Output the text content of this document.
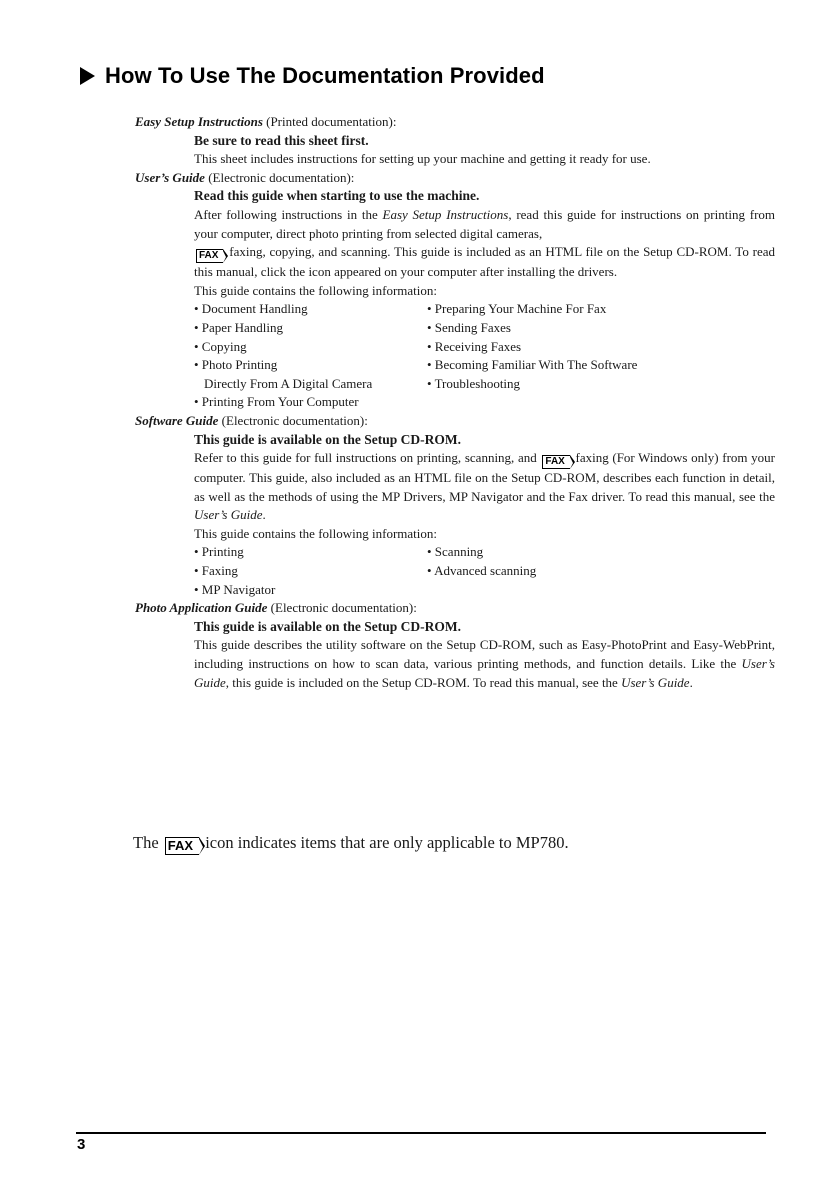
How To Use The Documentation Provided

Easy Setup Instructions (Printed documentation):

Be sure to read this sheet first.

This sheet includes instructions for setting up your machine and getting it ready for use.

User’s Guide (Electronic documentation):

Read this guide when starting to use the machine.

After following instructions in the Easy Setup Instructions, read this guide for instructions on printing from your computer, direct photo printing from selected digital cameras,
FAX faxing, copying, and scanning. This guide is included as an HTML file on the Setup CD-ROM. To read this manual, click the icon appeared on your computer after installing the drivers.

This guide contains the following information:

• Document Handling	• Preparing Your Machine For Fax
• Paper Handling	• Sending Faxes
• Copying	• Receiving Faxes
• Photo Printing	• Becoming Familiar With The Software
Directly From A Digital Camera	• Troubleshooting
• Printing From Your Computer

Software Guide (Electronic documentation):

This guide is available on the Setup CD-ROM.

Refer to this guide for full instructions on printing, scanning, and FAX faxing (For Windows only) from your computer. This guide, also included as an HTML file on the Setup CD-ROM, describes each function in detail, as well as the methods of using the MP Drivers, MP Navigator and the Fax driver. To read this manual, see the User’s Guide.

This guide contains the following information:

• Printing	• Scanning
• Faxing	• Advanced scanning
• MP Navigator

Photo Application Guide (Electronic documentation):

This guide is available on the Setup CD-ROM.

This guide describes the utility software on the Setup CD-ROM, such as Easy-PhotoPrint and Easy-WebPrint, including instructions on how to scan data, various printing methods, and function details. Like the User’s Guide, this guide is included on the Setup CD-ROM. To read this manual, see the User’s Guide.

The FAX icon indicates items that are only applicable to MP780.
3
